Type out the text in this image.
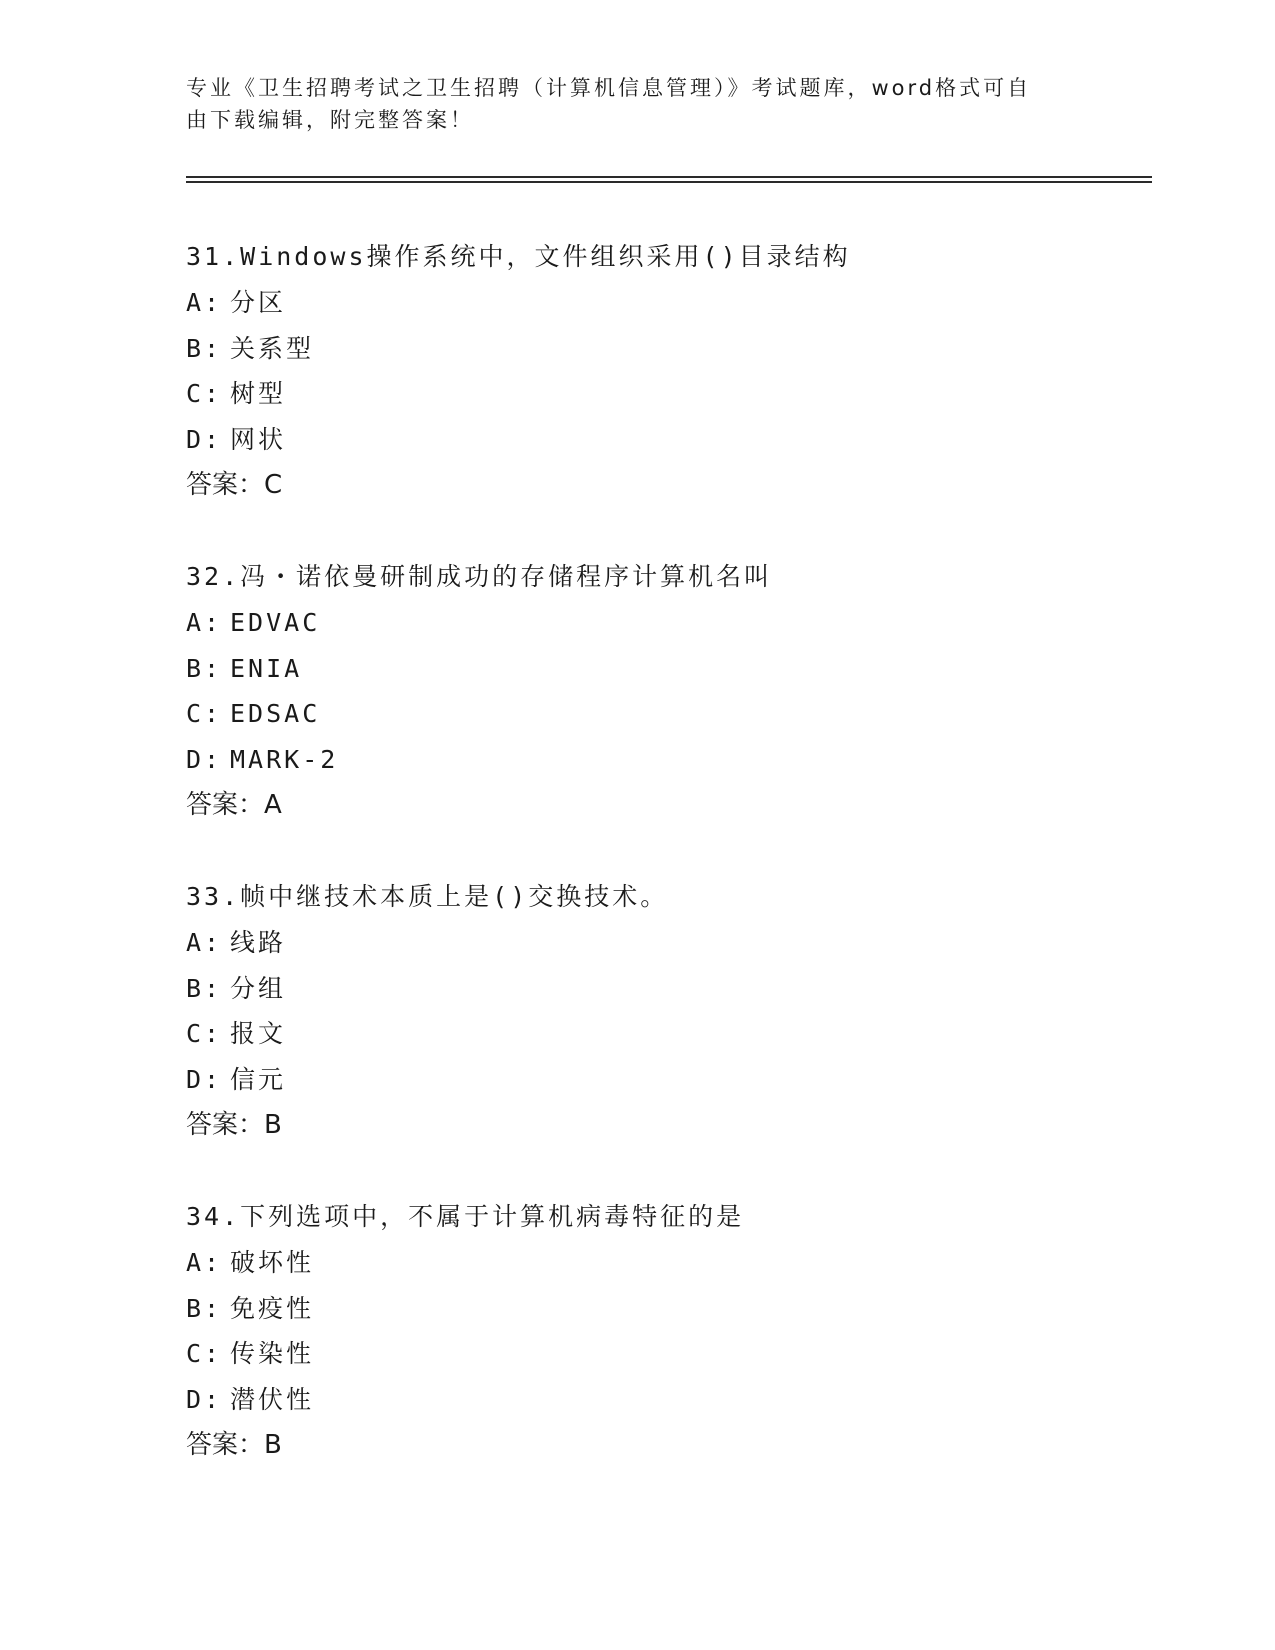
专业《卫生招聘考试之卫生招聘（计算机信息管理）》考试题库，word格式可自
由下载编辑，附完整答案！
31.Windows操作系统中，文件组织采用()目录结构
A: 分区
B: 关系型
C: 树型
D: 网状
答案：C
32.冯・诺依曼研制成功的存储程序计算机名叫
A: EDVAC
B: ENIA
C: EDSAC
D: MARK-2
答案：A
33.帧中继技术本质上是()交换技术。
A: 线路
B: 分组
C: 报文
D: 信元
答案：B
34.下列选项中，不属于计算机病毒特征的是
A: 破坏性
B: 免疫性
C: 传染性
D: 潜伏性
答案：B
